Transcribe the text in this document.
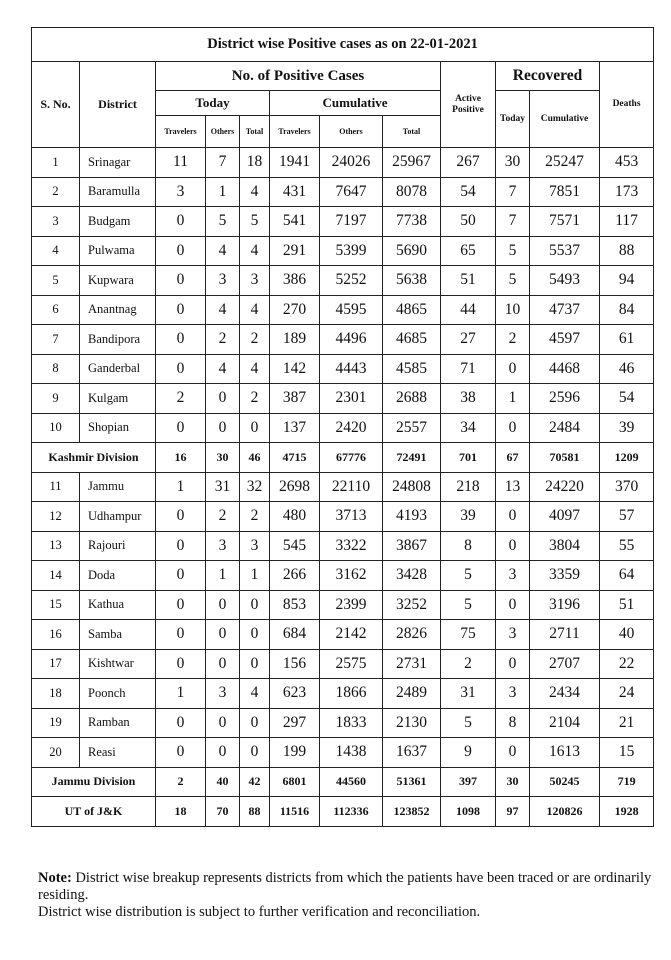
District wise Positive cases as on 22-01-2021											
S. No.	District	No. of Positive Cases						Active Positive	Recovered		Deaths
		Today			Cumulative				Today	Cumulative	
		Travelers	Others	Total	Travelers	Others	Total				
1	Srinagar	11	7	18	1941	24026	25967	267	30	25247	453
2	Baramulla	3	1	4	431	7647	8078	54	7	7851	173
3	Budgam	0	5	5	541	7197	7738	50	7	7571	117
4	Pulwama	0	4	4	291	5399	5690	65	5	5537	88
5	Kupwara	0	3	3	386	5252	5638	51	5	5493	94
6	Anantnag	0	4	4	270	4595	4865	44	10	4737	84
7	Bandipora	0	2	2	189	4496	4685	27	2	4597	61
8	Ganderbal	0	4	4	142	4443	4585	71	0	4468	46
9	Kulgam	2	0	2	387	2301	2688	38	1	2596	54
10	Shopian	0	0	0	137	2420	2557	34	0	2484	39
Kashmir Division		16	30	46	4715	67776	72491	701	67	70581	1209
11	Jammu	1	31	32	2698	22110	24808	218	13	24220	370
12	Udhampur	0	2	2	480	3713	4193	39	0	4097	57
13	Rajouri	0	3	3	545	3322	3867	8	0	3804	55
14	Doda	0	1	1	266	3162	3428	5	3	3359	64
15	Kathua	0	0	0	853	2399	3252	5	0	3196	51
16	Samba	0	0	0	684	2142	2826	75	3	2711	40
17	Kishtwar	0	0	0	156	2575	2731	2	0	2707	22
18	Poonch	1	3	4	623	1866	2489	31	3	2434	24
19	Ramban	0	0	0	297	1833	2130	5	8	2104	21
20	Reasi	0	0	0	199	1438	1637	9	0	1613	15
Jammu Division		2	40	42	6801	44560	51361	397	30	50245	719
UT of J&K		18	70	88	11516	112336	123852	1098	97	120826	1928

Note: District wise breakup represents districts from which the patients have been traced or are ordinarily residing.

District wise distribution is subject to further verification and reconciliation.
